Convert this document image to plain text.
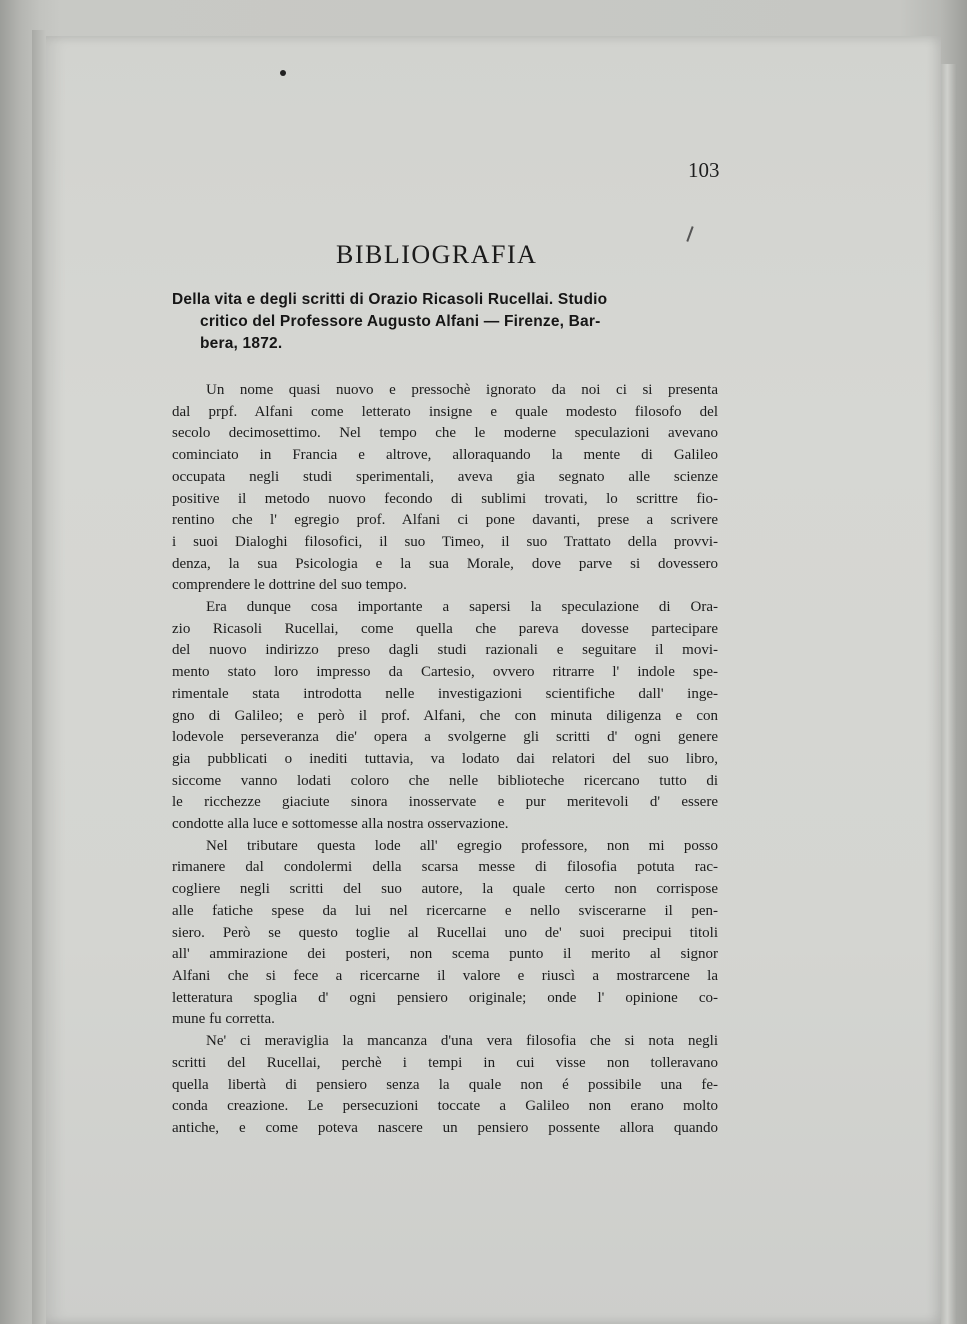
103
BIBLIOGRAFIA
Della vita e degli scritti di Orazio Ricasoli Rucellai. Studio
critico del Professore Augusto Alfani — Firenze, Bar-
bera, 1872.
Un nome quasi nuovo e pressochè ignorato da noi ci si presenta
dal prpf. Alfani come letterato insigne e quale modesto filosofo del
secolo decimosettimo. Nel tempo che le moderne speculazioni avevano
cominciato in Francia e altrove, alloraquando la mente di Galileo
occupata negli studi sperimentali, aveva gia segnato alle scienze
positive il metodo nuovo fecondo di sublimi trovati, lo scrittre fio-
rentino che l' egregio prof. Alfani ci pone davanti, prese a scrivere
i suoi Dialoghi filosofici, il suo Timeo, il suo Trattato della provvi-
denza, la sua Psicologia e la sua Morale, dove parve si dovessero
comprendere le dottrine del suo tempo.
Era dunque cosa importante a sapersi la speculazione di Ora-
zio Ricasoli Rucellai, come quella che pareva dovesse partecipare
del nuovo indirizzo preso dagli studi razionali e seguitare il movi-
mento stato loro impresso da Cartesio, ovvero ritrarre l' indole spe-
rimentale stata introdotta nelle investigazioni scientifiche dall' inge-
gno di Galileo; e però il prof. Alfani, che con minuta diligenza e con
lodevole perseveranza die' opera a svolgerne gli scritti d' ogni genere
gia pubblicati o inediti tuttavia, va lodato dai relatori del suo libro,
siccome vanno lodati coloro che nelle biblioteche ricercano tutto di
le ricchezze giaciute sinora inosservate e pur meritevoli d' essere
condotte alla luce e sottomesse alla nostra osservazione.
Nel tributare questa lode all' egregio professore, non mi posso
rimanere dal condolermi della scarsa messe di filosofia potuta rac-
cogliere negli scritti del suo autore, la quale certo non corrispose
alle fatiche spese da lui nel ricercarne e nello sviscerarne il pen-
siero. Però se questo toglie al Rucellai uno de' suoi precipui titoli
all' ammirazione dei posteri, non scema punto il merito al signor
Alfani che si fece a ricercarne il valore e riuscì a mostrarcene la
letteratura spoglia d' ogni pensiero originale; onde l' opinione co-
mune fu corretta.
Ne' ci meraviglia la mancanza d'una vera filosofia che si nota negli
scritti del Rucellai, perchè i tempi in cui visse non tolleravano
quella libertà di pensiero senza la quale non é possibile una fe-
conda creazione. Le persecuzioni toccate a Galileo non erano molto
antiche, e come poteva nascere un pensiero possente allora quando
